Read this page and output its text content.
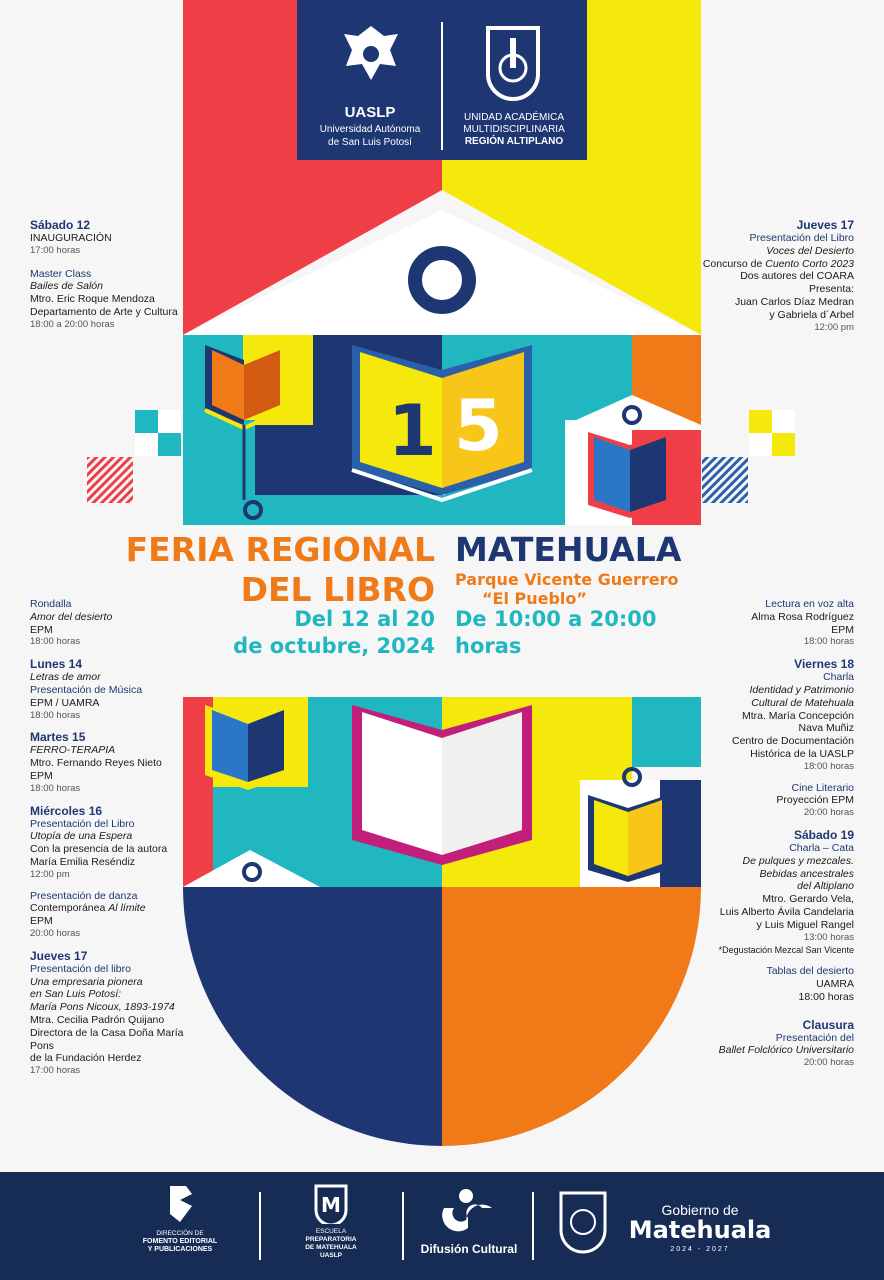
1 5
UASLP
Universidad Autónoma
de San Luis Potosí
UNIDAD ACADÉMICA
MULTIDISCIPLINARIA
REGIÓN ALTIPLANO
FERIA REGIONAL
DEL LIBRO
Del 12 al 20
de octubre, 2024
MATEHUALA
Parque Vicente Guerrero
“El Pueblo”
De 10:00 a 20:00
horas

Sábado 12

INAUGURACIÓN

17:00 horas

Master Class

Bailes de Salón

Mtro. Eric Roque Mendoza

Departamento de Arte y Cultura

18:00 a 20:00 horas

Jueves 17

Presentación del Libro

Voces del Desierto

Concurso de Cuento Corto 2023

Dos autores del COARA

Presenta:

Juan Carlos Díaz Medran

y Gabriela d´Arbel

12:00 pm

Rondalla

Amor del desierto

EPM

18:00 horas

Lunes 14

Letras de amor

Presentación de Música

EPM / UAMRA

18:00 horas

Martes 15

FERRO-TERAPIA

Mtro. Fernando Reyes Nieto

EPM

18:00 horas

Miércoles 16

Presentación del Libro

Utopía de una Espera

Con la presencia de la autora

María Emilia Reséndiz

12:00 pm

Presentación de danza

Contemporánea Al límite

EPM

20:00 horas

Jueves 17

Presentación del libro

Una empresaria pionera

en San Luis Potosí:

María Pons Nicoux, 1893-1974

Mtra. Cecilia Padrón Quijano

Directora de la Casa Doña María Pons

de la Fundación Herdez

17:00 horas

Lectura en voz alta

Alma Rosa Rodríguez

EPM

18:00 horas

Viernes 18

Charla

Identidad y Patrimonio

Cultural de Matehuala

Mtra. María Concepción

Nava Muñiz

Centro de Documentación

Histórica de la UASLP

18:00 horas

Cine Literario

Proyección EPM

20:00 horas

Sábado 19

Charla – Cata

De pulques y mezcales.

Bebidas ancestrales

del Altiplano

Mtro. Gerardo Vela,

Luis Alberto Ávila Candelaria

y Luis Miguel Rangel

13:00 horas

*Degustación Mezcal San Vicente

Tablas del desierto

UAMRA

18:00 horas

Clausura

Presentación del

Ballet Folclórico Universitario

20:00 horas

DIRECCIÓN DE
FOMENTO EDITORIAL
Y PUBLICACIONES
M
ESCUELA
PREPARATORIA
DE MATEHUALA
UASLP	Difusión Cultural
Gobierno de
Matehuala
2024 - 2027
